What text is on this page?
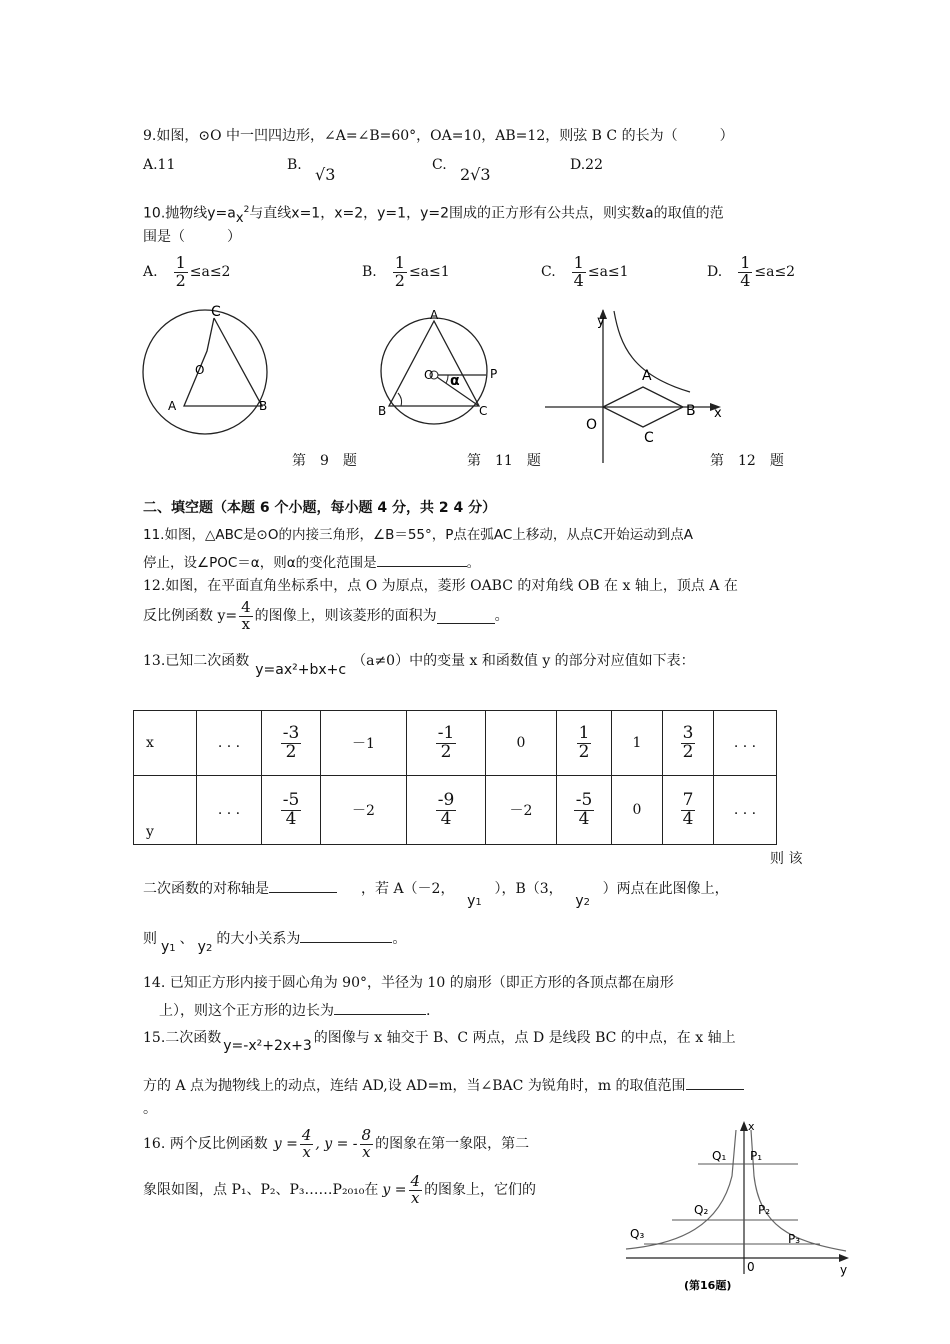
9.如图，⊙O 中一凹四边形，∠A=∠B=60°，OA=10，AB=12，则弦 B C 的长为（　　　）
A.11	B. √3	C. 2√3	D.22
10.抛物线$y=ax^2$与直线x=1，x=2，y=1，y=2围成的正方形有公共点，则实数a的取值的范
围是（　　　）
A. $\frac{1}{2} \le a\le 2$	B. $\frac{1}{2} \le a\le 1$	C. $\frac{1}{4} \le a\le 1$	D. $\frac{1}{4} \le a\le 2$
C
O
A	B
A
O α	P
B	C
y
A
O
B x
C
第　9　题	第　11　题	第　12　题
二、填空题（本题 6 个小题，每小题 4 分，共 2 4 分）
11.如图，△ABC是⊙O的内接三角形，∠B＝55°，P点在弧AC上移动，从点C开始运动到点A
停止，设∠POC＝α，则α的变化范围是	。
12.如图，在平面直角坐标系中，点 O 为原点，菱形 OABC 的对角线 OB 在 x 轴上，顶点 A 在
反比例函数 $y= \frac{4}{x}$ 的图像上，则该菱形的面积为	。
13.已知二次函数y=ax²+bx+c（a≠0）中的变量 x 和函数值 y 的部分对应值如下表：
x	. . .	$\frac{-3}{2}$	－1	$\frac{-1}{2}$	0	$\frac{1}{2}$	1	$\frac{3}{2}$	. . .
y	. . .	$\frac{-5}{4}$	－2	$\frac{-9}{4}$	－2	$\frac{-5}{4}$	0	$\frac{7}{4}$	. . .
则 该
二次函数的对称轴是	，若 A（－2，y1），B（3，y2）两点在此图像上，
则 y1、 y2的大小关系为	。
14. 已知正方形内接于圆心角为 90°，半径为 10 的扇形（即正方形的各顶点都在扇形
上），则这个正方形的边长为	.
15.二次函数 y=-x²+2x+3 的图像与 x 轴交于 B、C 两点，点 D 是线段 BC 的中点，在 x 轴上
方的 A 点为抛物线上的动点，连结 AD,设 AD=m，当∠BAC 为锐角时，m 的取值范围
。
16. 两个反比例函数 $y = \frac{4}{x}$ , y = - $\frac{8}{x}$ 的图象在第一象限，第二
象限如图，点 P₁、P₂、P₃……P₂₀₁₀在 $y = \frac{4}{x}$ 的图象上，它们的
x
y
0
Q₁ P₁
Q₂	P₂
Q₃	P₃
(第16题)
